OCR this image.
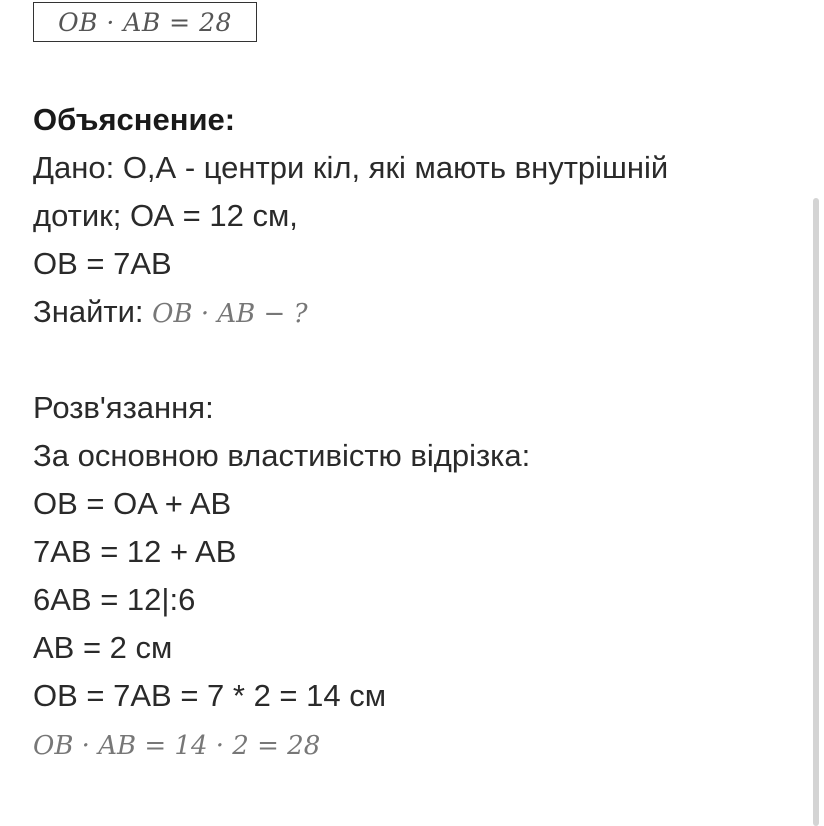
OB · AB = 28
Объяснение:
Дано: О,А - центри кіл, які мають внутрішній
дотик; ОА = 12 см,
OB = 7AB
Знайти: OB · AB − ?
Розв'язання:
За основною властивістю відрізка:
OB = OA + AB
7AB = 12 + AB
6AB = 12|:6
AB = 2 см
OB = 7AB = 7 * 2 = 14 см
OB · AB = 14 · 2 = 28
